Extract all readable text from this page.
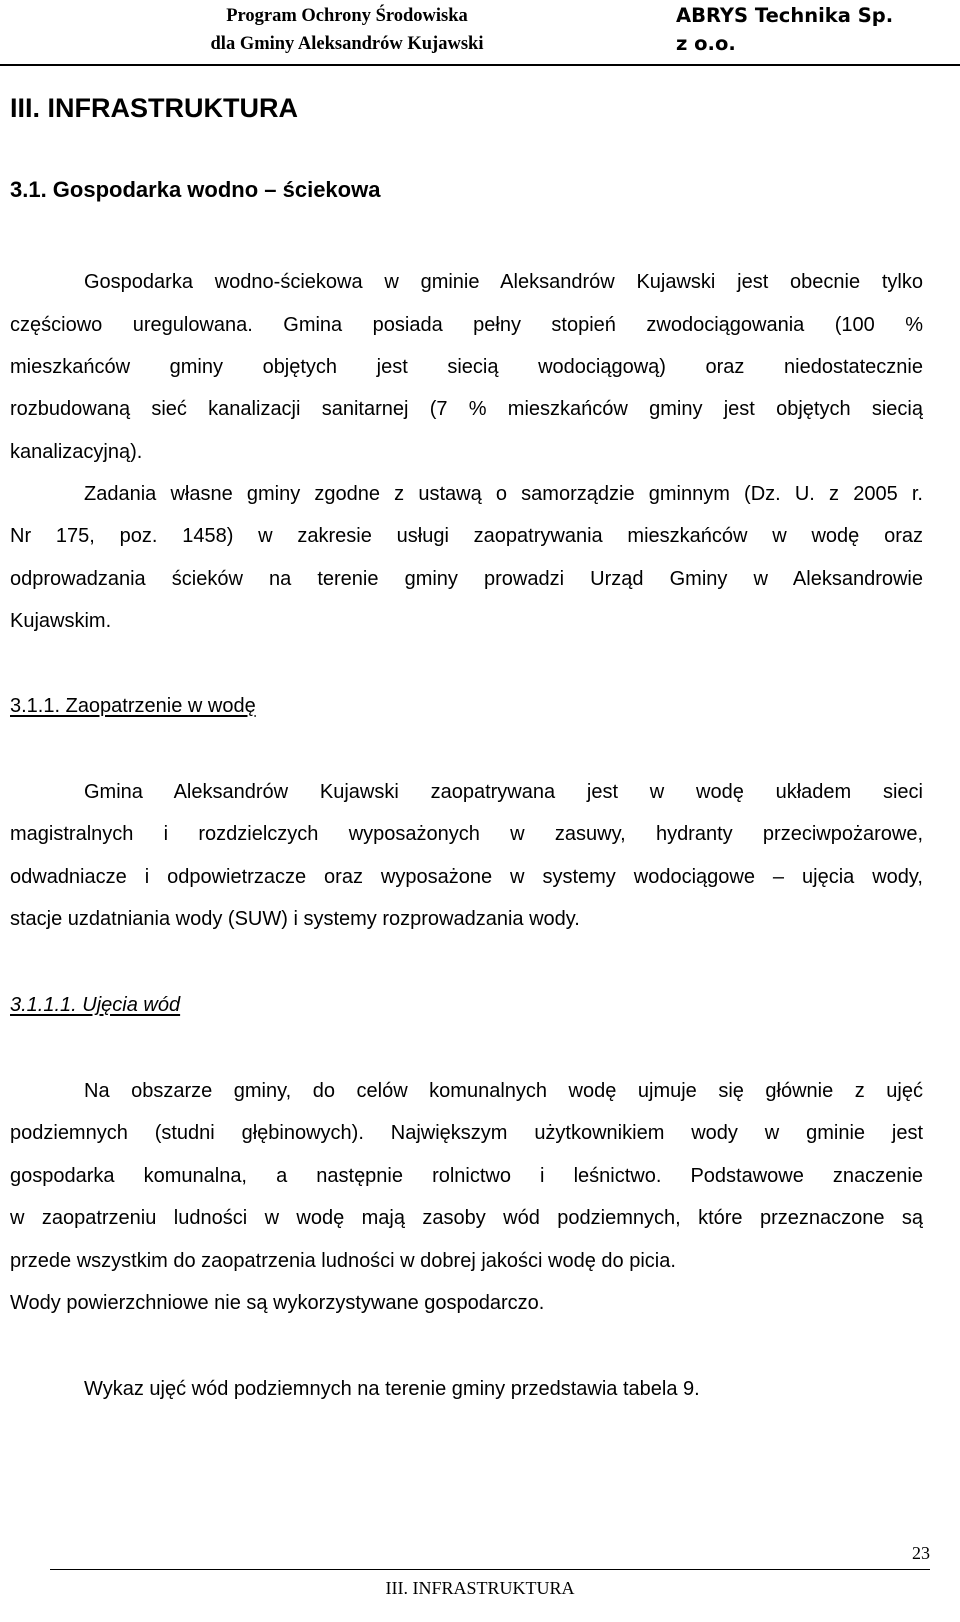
Program Ochrony Środowiska
dla Gminy Aleksandrów Kujawski
ABRYS Technika Sp.
z o.o.
III. INFRASTRUKTURA
3.1. Gospodarka wodno – ściekowa
Gospodarka wodno-ściekowa w gminie Aleksandrów Kujawski jest obecnie tylko
częściowo uregulowana. Gmina posiada pełny stopień zwodociągowania (100 %
mieszkańców gminy objętych jest siecią wodociągową) oraz niedostatecznie
rozbudowaną sieć kanalizacji sanitarnej (7 % mieszkańców gminy jest objętych siecią
kanalizacyjną).
Zadania własne gminy zgodne z ustawą o samorządzie gminnym (Dz. U. z 2005 r.
Nr 175, poz. 1458) w zakresie usługi zaopatrywania mieszkańców w wodę oraz
odprowadzania ścieków na terenie gminy prowadzi Urząd Gminy w Aleksandrowie
Kujawskim.
3.1.1. Zaopatrzenie w wodę
Gmina Aleksandrów Kujawski zaopatrywana jest w wodę układem sieci
magistralnych i rozdzielczych wyposażonych w zasuwy, hydranty przeciwpożarowe,
odwadniacze i odpowietrzacze oraz wyposażone w systemy wodociągowe – ujęcia wody,
stacje uzdatniania wody (SUW) i systemy rozprowadzania wody.
3.1.1.1. Ujęcia wód
Na obszarze gminy, do celów komunalnych wodę ujmuje się głównie z ujęć
podziemnych (studni głębinowych). Największym użytkownikiem wody w gminie jest
gospodarka komunalna, a następnie rolnictwo i leśnictwo. Podstawowe znaczenie
w zaopatrzeniu ludności w wodę mają zasoby wód podziemnych, które przeznaczone są
przede wszystkim do zaopatrzenia ludności w dobrej jakości wodę do picia.
Wody powierzchniowe nie są wykorzystywane gospodarczo.
Wykaz ujęć wód podziemnych na terenie gminy przedstawia tabela 9.
23
III. INFRASTRUKTURA
